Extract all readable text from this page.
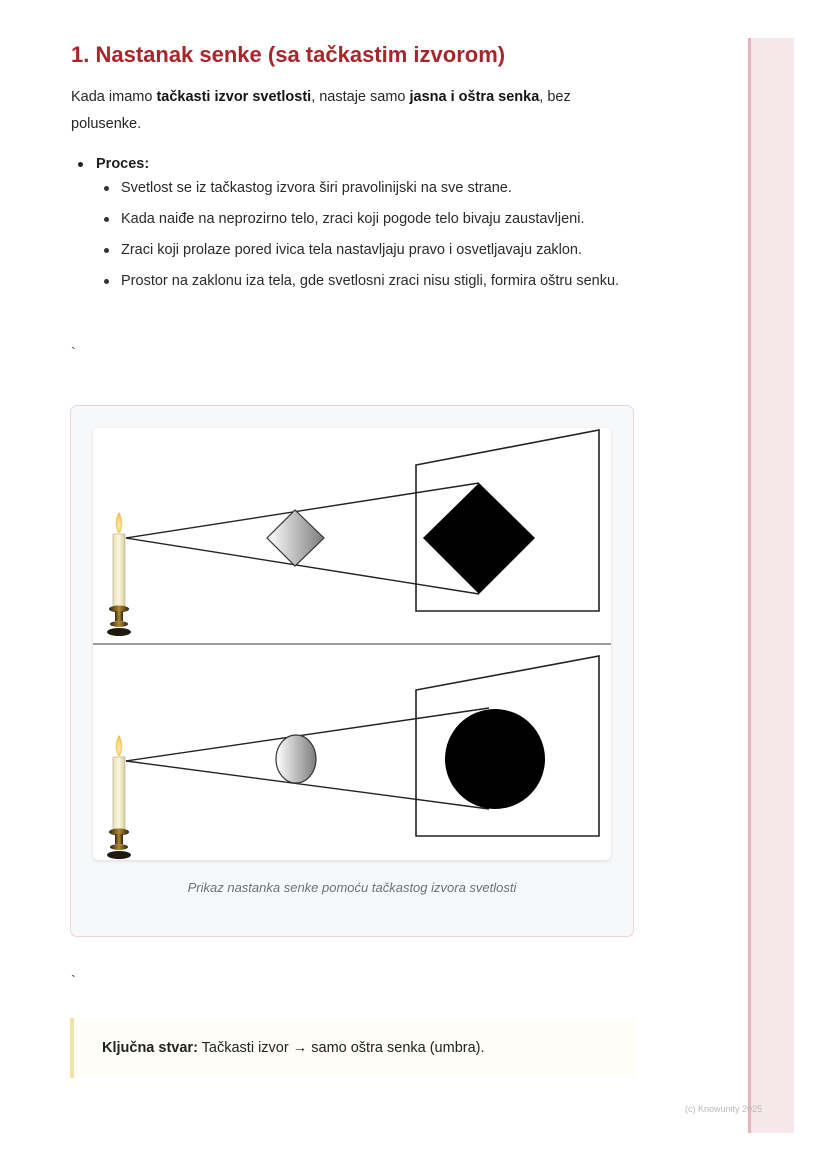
1. Nastanak senke (sa tačkastim izvorom)

Kada imamo tačkasti izvor svetlosti, nastaje samo jasna i oštra senka, bez polusenke.

Proces:
Svetlost se iz tačkastog izvora širi pravolinijski na sve strane.
Kada naiđe na neprozirno telo, zraci koji pogode telo bivaju zaustavljeni.
Zraci koji prolaze pored ivica tela nastavljaju pravo i osvetljavaju zaklon.
Prostor na zaklonu iza tela, gde svetlosni zraci nisu stigli, formira oštru senku.
`
Prikaz nastanka senke pomoću tačkastog izvora svetlosti
`
Ključna stvar: Tačkasti izvor → samo oštra senka (umbra).
(c) Knowunity 2025
